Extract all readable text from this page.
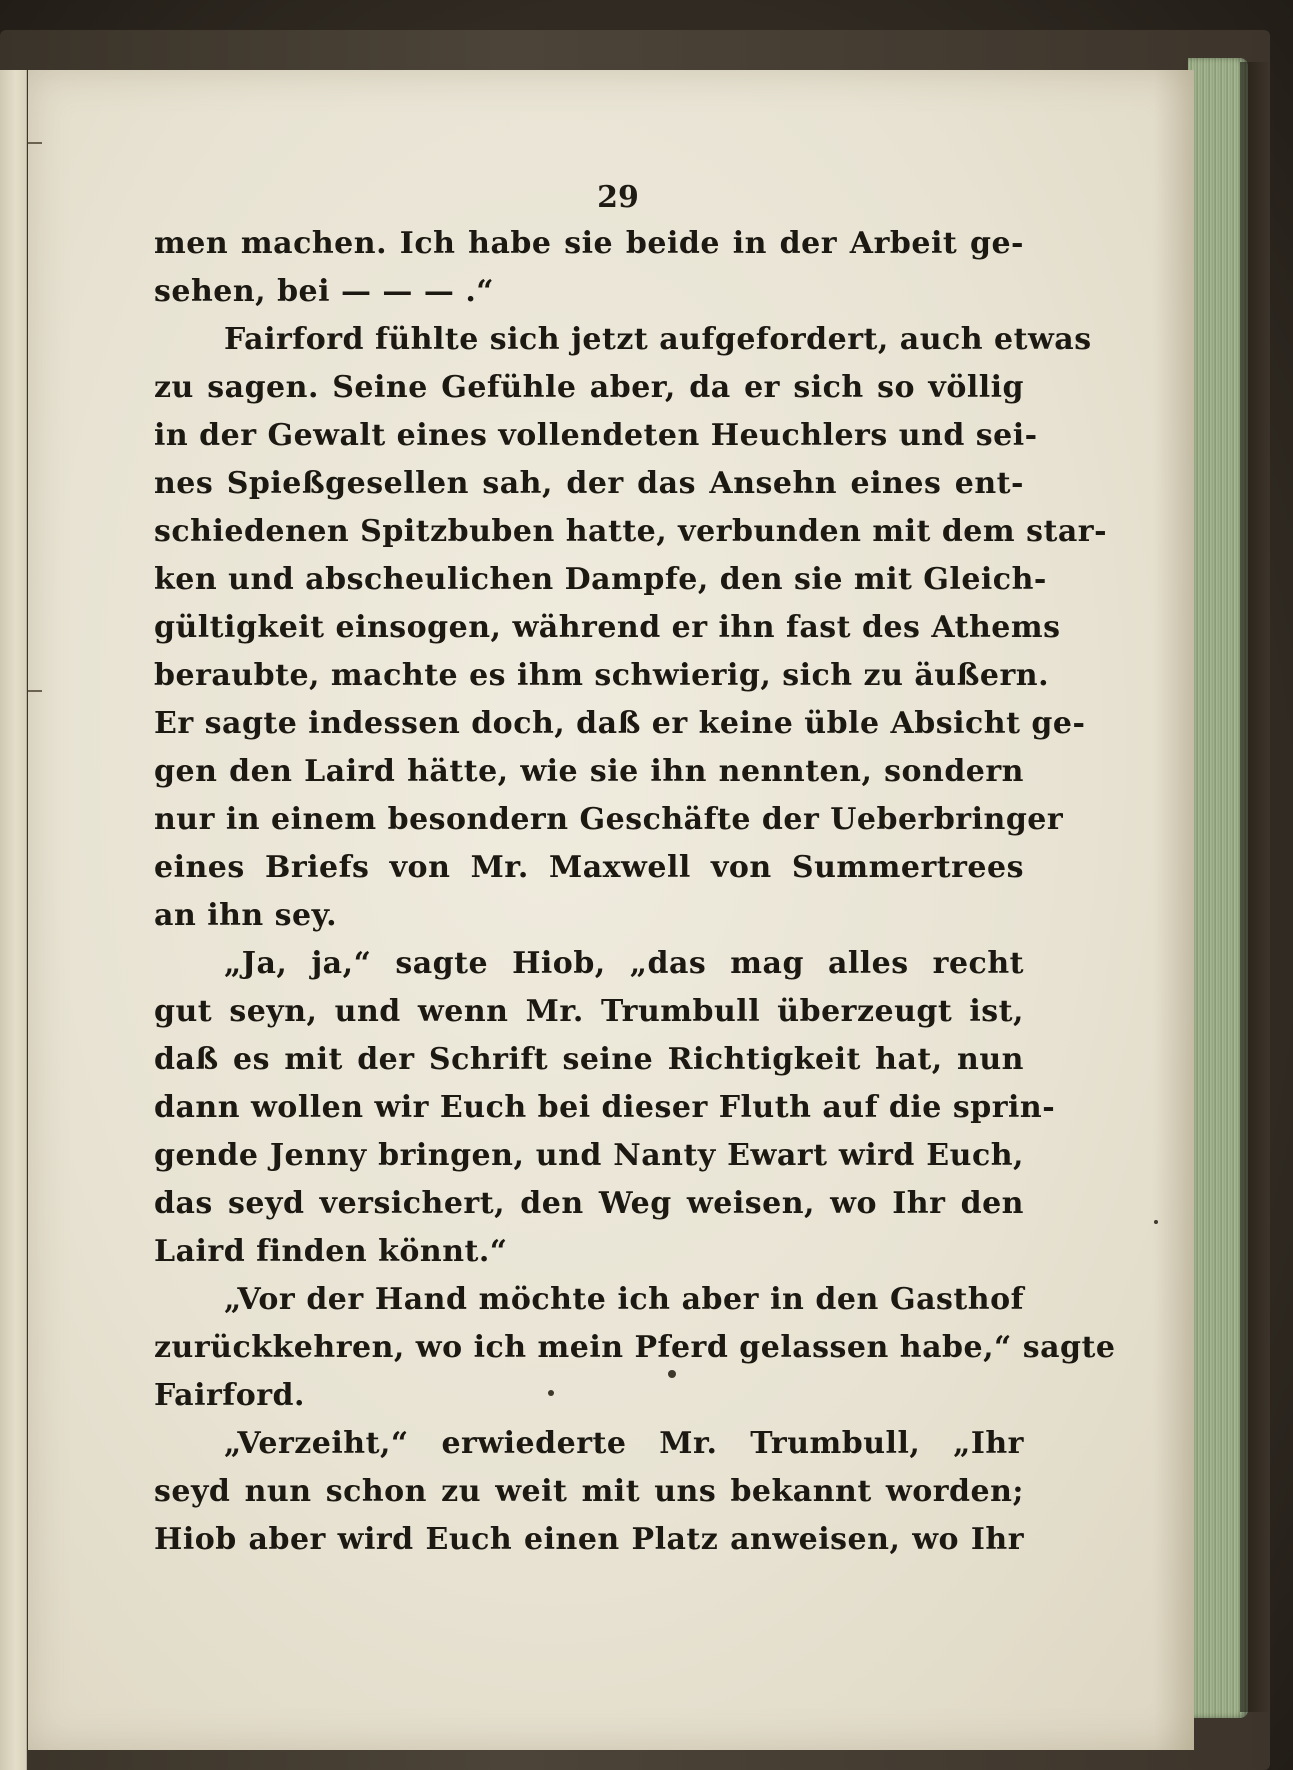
29
men machen. Ich habe sie beide in der Arbeit ge-
sehen, bei — — — .“
Fairford fühlte sich jetzt aufgefordert, auch etwas
zu sagen. Seine Gefühle aber, da er sich so völlig
in der Gewalt eines vollendeten Heuchlers und sei-
nes Spießgesellen sah, der das Ansehn eines ent-
schiedenen Spitzbuben hatte, verbunden mit dem star-
ken und abscheulichen Dampfe, den sie mit Gleich-
gültigkeit einsogen, während er ihn fast des Athems
beraubte, machte es ihm schwierig, sich zu äußern.
Er sagte indessen doch, daß er keine üble Absicht ge-
gen den Laird hätte, wie sie ihn nennten, sondern
nur in einem besondern Geschäfte der Ueberbringer
eines Briefs von Mr. Maxwell von Summertrees
an ihn sey.
„Ja, ja,“ sagte Hiob, „das mag alles recht
gut seyn, und wenn Mr. Trumbull überzeugt ist,
daß es mit der Schrift seine Richtigkeit hat, nun
dann wollen wir Euch bei dieser Fluth auf die sprin-
gende Jenny bringen, und Nanty Ewart wird Euch,
das seyd versichert, den Weg weisen, wo Ihr den
Laird finden könnt.“
„Vor der Hand möchte ich aber in den Gasthof
zurückkehren, wo ich mein Pferd gelassen habe,“ sagte
Fairford.
„Verzeiht,“ erwiederte Mr. Trumbull, „Ihr
seyd nun schon zu weit mit uns bekannt worden;
Hiob aber wird Euch einen Platz anweisen, wo Ihr
